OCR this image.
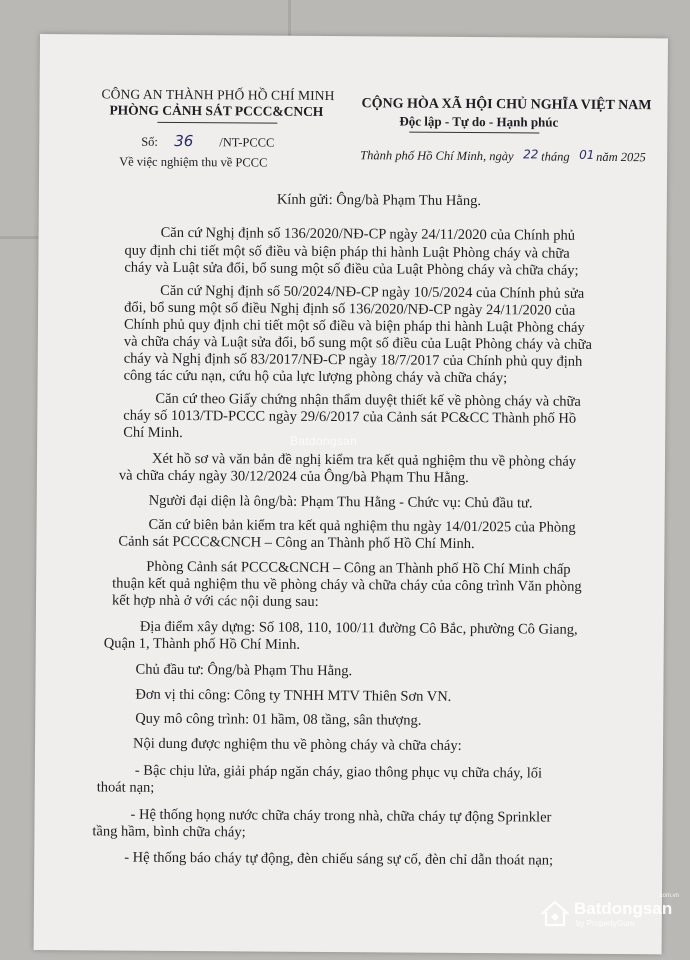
CÔNG AN THÀNH PHỐ HỒ CHÍ MINH
PHÒNG CẢNH SÁT PCCC&CNCH
Số: 36 /NT-PCCC
Về việc nghiệm thu về PCCC
CỘNG HÒA XÃ HỘI CHỦ NGHĨA VIỆT NAM
Độc lập - Tự do - Hạnh phúc
Thành phố Hồ Chí Minh, ngày 22 tháng 01 năm 2025
Kính gửi: Ông/bà Phạm Thu Hằng.
Căn cứ Nghị định số 136/2020/NĐ-CP ngày 24/11/2020 của Chính phủ
quy định chi tiết một số điều và biện pháp thi hành Luật Phòng cháy và chữa
cháy và Luật sửa đổi, bổ sung một số điều của Luật Phòng cháy và chữa cháy;
Căn cứ Nghị định số 50/2024/NĐ-CP ngày 10/5/2024 của Chính phủ sửa
đổi, bổ sung một số điều Nghị định số 136/2020/NĐ-CP ngày 24/11/2020 của
Chính phủ quy định chi tiết một số điều và biện pháp thi hành Luật Phòng cháy
và chữa cháy và Luật sửa đổi, bổ sung một số điều của Luật Phòng cháy và chữa
cháy và Nghị định số 83/2017/NĐ-CP ngày 18/7/2017 của Chính phủ quy định
công tác cứu nạn, cứu hộ của lực lượng phòng cháy và chữa cháy;
Căn cứ theo Giấy chứng nhận thẩm duyệt thiết kế về phòng cháy và chữa
cháy số 1013/TD-PCCC ngày 29/6/2017 của Cảnh sát PC&CC Thành phố Hồ
Chí Minh.
Xét hồ sơ và văn bản đề nghị kiểm tra kết quả nghiệm thu về phòng cháy
và chữa cháy ngày 30/12/2024 của Ông/bà Phạm Thu Hằng.
Người đại diện là ông/bà: Phạm Thu Hằng - Chức vụ: Chủ đầu tư.
Căn cứ biên bản kiểm tra kết quả nghiệm thu ngày 14/01/2025 của Phòng
Cảnh sát PCCC&CNCH – Công an Thành phố Hồ Chí Minh.
Phòng Cảnh sát PCCC&CNCH – Công an Thành phố Hồ Chí Minh chấp
thuận kết quả nghiệm thu về phòng cháy và chữa cháy của công trình Văn phòng
kết hợp nhà ở với các nội dung sau:
Địa điểm xây dựng: Số 108, 110, 100/11 đường Cô Bắc, phường Cô Giang,
Quận 1, Thành phố Hồ Chí Minh.
Chủ đầu tư: Ông/bà Phạm Thu Hằng.
Đơn vị thi công: Công ty TNHH MTV Thiên Sơn VN.
Quy mô công trình: 01 hầm, 08 tầng, sân thượng.
Nội dung được nghiệm thu về phòng cháy và chữa cháy:
- Bậc chịu lửa, giải pháp ngăn cháy, giao thông phục vụ chữa cháy, lối
thoát nạn;
- Hệ thống họng nước chữa cháy trong nhà, chữa cháy tự động Sprinkler
tầng hầm, bình chữa cháy;
- Hệ thống báo cháy tự động, đèn chiếu sáng sự cố, đèn chỉ dẫn thoát nạn;
Batdongsan
Batdongsan
.com.vn
by PropertyGuru
